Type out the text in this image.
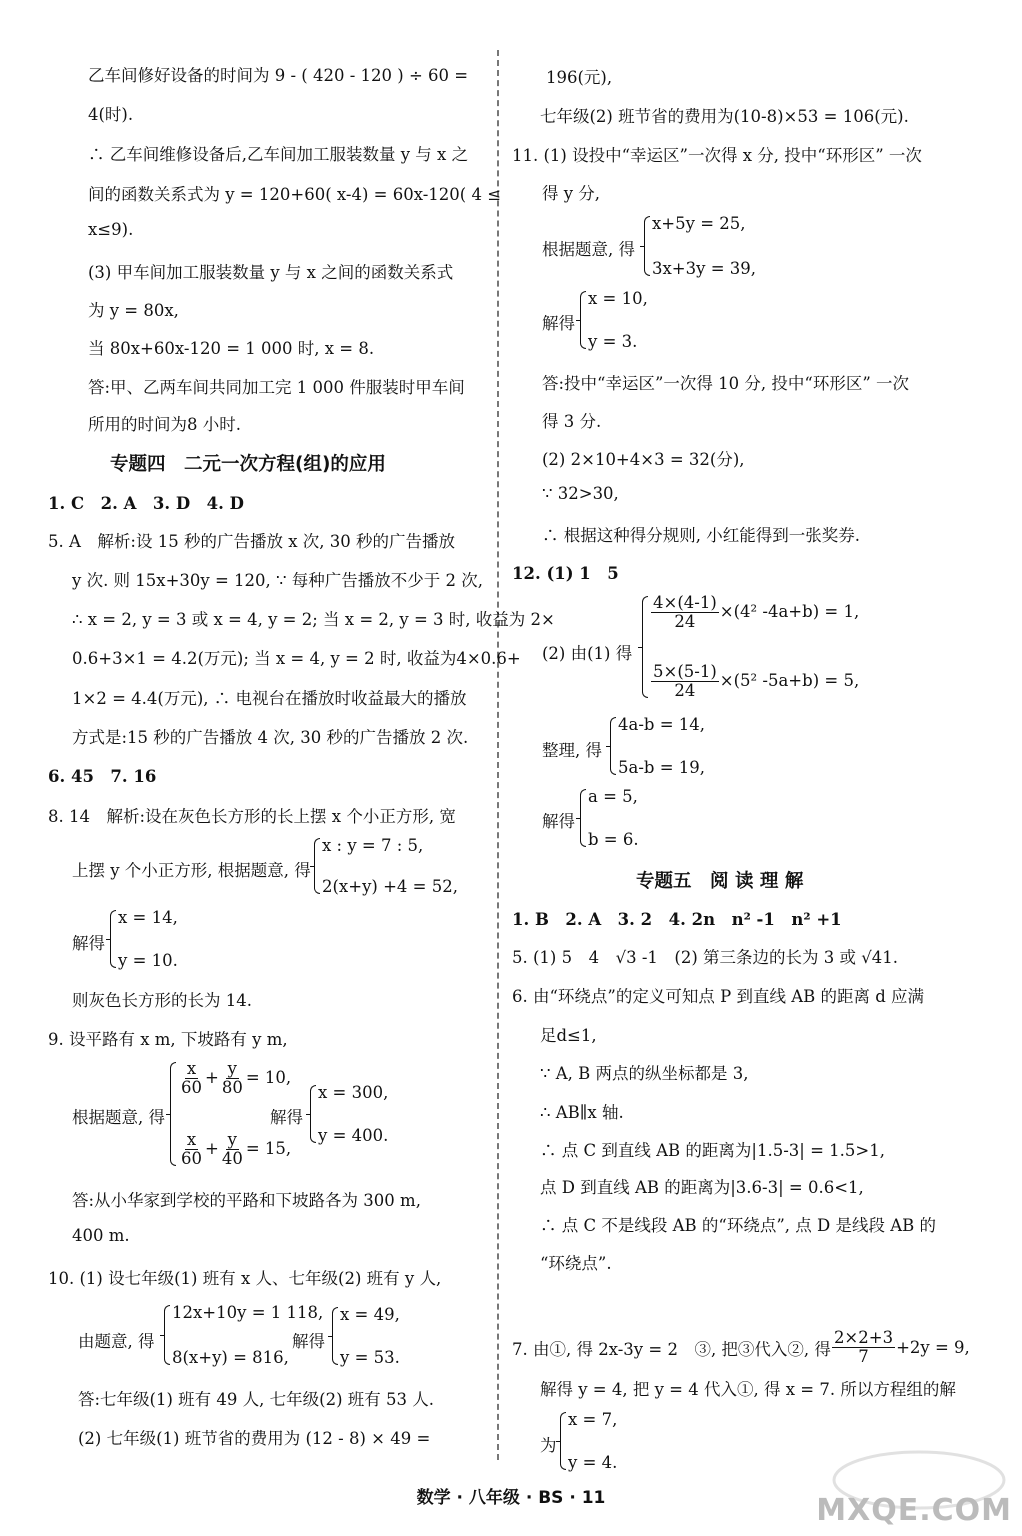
乙车间修好设备的时间为 9 - ( 420 - 120 ) ÷ 60 =
4(时).
∴ 乙车间维修设备后,乙车间加工服装数量 y 与 x 之
间的函数关系式为 y = 120+60( x-4) = 60x-120( 4 ≤
x≤9).
(3) 甲车间加工服装数量 y 与 x 之间的函数关系式
为 y = 80x,
当 80x+60x-120 = 1 000 时, x = 8.
答:甲、乙两车间共同加工完 1 000 件服装时甲车间
所用的时间为8 小时.
专题四　二元一次方程(组)的应用
1. C　2. A　3. D　4. D
5. A　解析:设 15 秒的广告播放 x 次, 30 秒的广告播放
y 次. 则 15x+30y = 120, ∵ 每种广告播放不少于 2 次,
∴ x = 2, y = 3 或 x = 4, y = 2; 当 x = 2, y = 3 时, 收益为 2×
0.6+3×1 = 4.2(万元); 当 x = 4, y = 2 时, 收益为4×0.6+
1×2 = 4.4(万元), ∴ 电视台在播放时收益最大的播放
方式是:15 秒的广告播放 4 次, 30 秒的广告播放 2 次.
6. 45　7. 16
8. 14　解析:设在灰色长方形的长上摆 x 个小正方形, 宽
上摆 y 个小正方形, 根据题意, 得
x : y = 7 : 5,
2(x+y) +4 = 52,
解得
x = 14,
y = 10.
则灰色长方形的长为 14.
9. 设平路有 x m, 下坡路有 y m,
根据题意, 得
$\frac{x}{60} + \frac{y}{80} = 10$,
$\frac{x}{60} + \frac{y}{40} = 15$,
解得
x = 300,
y = 400.
答:从小华家到学校的平路和下坡路各为 300 m,
400 m.
10. (1) 设七年级(1) 班有 x 人、七年级(2) 班有 y 人,
由题意, 得
12x+10y = 1 118,
8(x+y) = 816,
解得
x = 49,
y = 53.
答:七年级(1) 班有 49 人, 七年级(2) 班有 53 人.
(2) 七年级(1) 班节省的费用为 (12 - 8) × 49 =
196(元),
七年级(2) 班节省的费用为(10-8)×53 = 106(元).
11. (1) 设投中“幸运区”一次得 x 分, 投中“环形区” 一次
得 y 分,
根据题意, 得
x+5y = 25,
3x+3y = 39,
解得
x = 10,
y = 3.
答:投中“幸运区”一次得 10 分, 投中“环形区” 一次
得 3 分.
(2) 2×10+4×3 = 32(分),
∵ 32>30,
∴ 根据这种得分规则, 小红能得到一张奖券.
12. (1) 1　5
(2) 由(1) 得
$\frac{4\times(4-1)}{24} \times(4^2$ -4a+b) = 1,
$\frac{5\times(5-1)}{24} \times(5^2$ -5a+b) = 5,
整理, 得
4a-b = 14,
5a-b = 19,
解得
a = 5,
b = 6.
专题五　阅 读 理 解
1. B　2. A　3. 2　4. 2n　n² -1　n² +1
5. (1) 5　4　√3 -1　(2) 第三条边的长为 3 或 √41.
6. 由“环绕点”的定义可知点 P 到直线 AB 的距离 d 应满
足d≤1,
∵ A, B 两点的纵坐标都是 3,
∴ AB∥x 轴.
∴ 点 C 到直线 AB 的距离为|1.5-3| = 1.5>1,
点 D 到直线 AB 的距离为|3.6-3| = 0.6<1,
∴ 点 C 不是线段 AB 的“环绕点”, 点 D 是线段 AB 的
“环绕点”.
7. 由①, 得 2x-3y = 2　③, 把③代入②, 得 $\frac{2\times 2+3}{7} +2y = 9$,
解得 y = 4, 把 y = 4 代入①, 得 x = 7. 所以方程组的解
为
x = 7,
y = 4.
数学 · 八年级 · BS · 11	MXQE.COM
